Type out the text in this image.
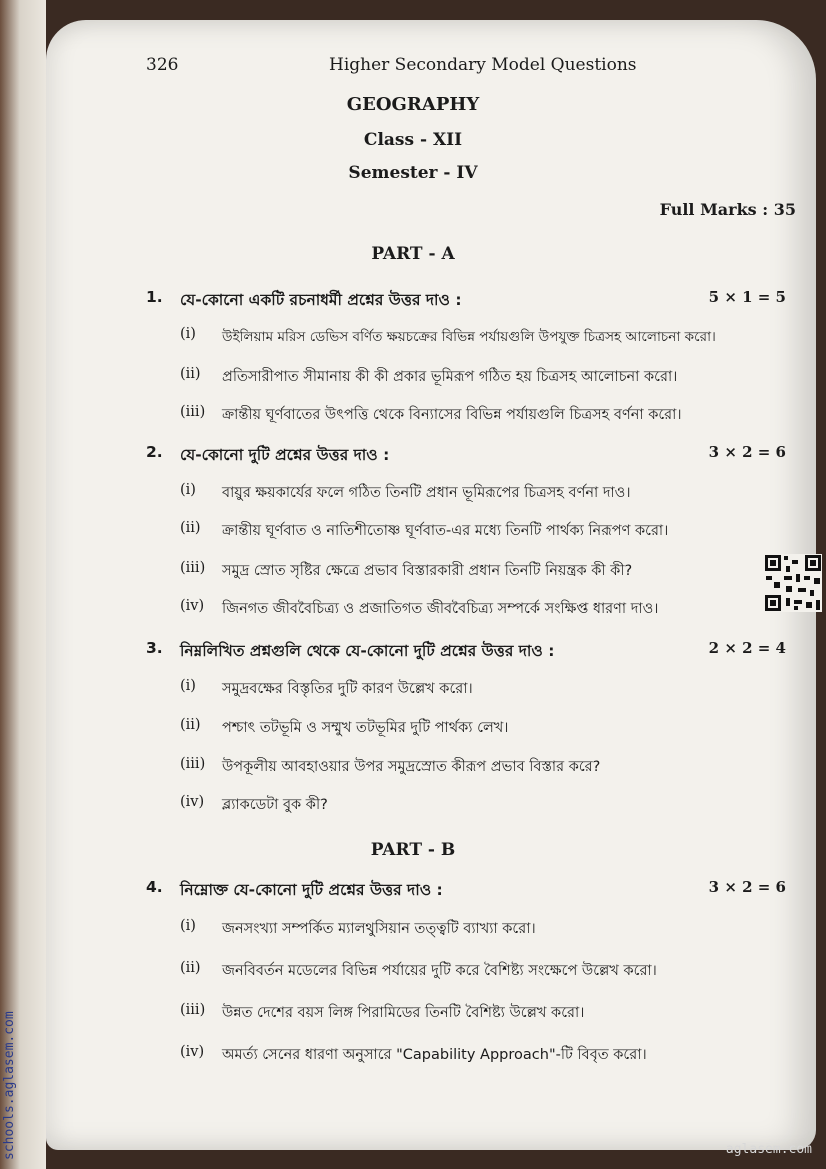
326	Higher Secondary Model Questions
GEOGRAPHY
Class - XII
Semester - IV
Full Marks : 35
PART - A
1. যে-কোনো একটি রচনাধর্মী প্রশ্নের উত্তর দাও :	5 × 1 = 5
(i) উইলিয়াম মরিস ডেভিস বর্ণিত ক্ষয়চক্রের বিভিন্ন পর্যায়গুলি উপযুক্ত চিত্রসহ আলোচনা করো।
(ii) প্রতিসারীপাত সীমানায় কী কী প্রকার ভূমিরূপ গঠিত হয় চিত্রসহ আলোচনা করো।
(iii) ক্রান্তীয় ঘূর্ণবাতের উৎপত্তি থেকে বিন্যাসের বিভিন্ন পর্যায়গুলি চিত্রসহ বর্ণনা করো।
2. যে-কোনো দুটি প্রশ্নের উত্তর দাও :	3 × 2 = 6
(i) বায়ুর ক্ষয়কার্যের ফলে গঠিত তিনটি প্রধান ভূমিরূপের চিত্রসহ বর্ণনা দাও।
(ii) ক্রান্তীয় ঘূর্ণবাত ও নাতিশীতোষ্ণ ঘূর্ণবাত-এর মধ্যে তিনটি পার্থক্য নিরূপণ করো।
(iii) সমুদ্র স্রোত সৃষ্টির ক্ষেত্রে প্রভাব বিস্তারকারী প্রধান তিনটি নিয়ন্ত্রক কী কী?
(iv) জিনগত জীববৈচিত্র্য ও প্রজাতিগত জীববৈচিত্র্য সম্পর্কে সংক্ষিপ্ত ধারণা দাও।
3. নিম্নলিখিত প্রশ্নগুলি থেকে যে-কোনো দুটি প্রশ্নের উত্তর দাও :	2 × 2 = 4
(i) সমুদ্রবক্ষের বিস্তৃতির দুটি কারণ উল্লেখ করো।
(ii) পশ্চাৎ তটভূমি ও সম্মুখ তটভূমির দুটি পার্থক্য লেখ।
(iii) উপকূলীয় আবহাওয়ার উপর সমুদ্রস্রোত কীরূপ প্রভাব বিস্তার করে?
(iv) ব্ল্যাকডেটা বুক কী?
PART - B
4. নিম্নোক্ত যে-কোনো দুটি প্রশ্নের উত্তর দাও :	3 × 2 = 6
(i) জনসংখ্যা সম্পর্কিত ম্যালথুসিয়ান তত্ত্বটি ব্যাখ্যা করো।
(ii) জনবিবর্তন মডেলের বিভিন্ন পর্যায়ের দুটি করে বৈশিষ্ট্য সংক্ষেপে উল্লেখ করো।
(iii) উন্নত দেশের বয়স লিঙ্গ পিরামিডের তিনটি বৈশিষ্ট্য উল্লেখ করো।
(iv) অমর্ত্য সেনের ধারণা অনুসারে "Capability Approach"-টি বিবৃত করো।
schools.aglasem.com	aglasem.com
